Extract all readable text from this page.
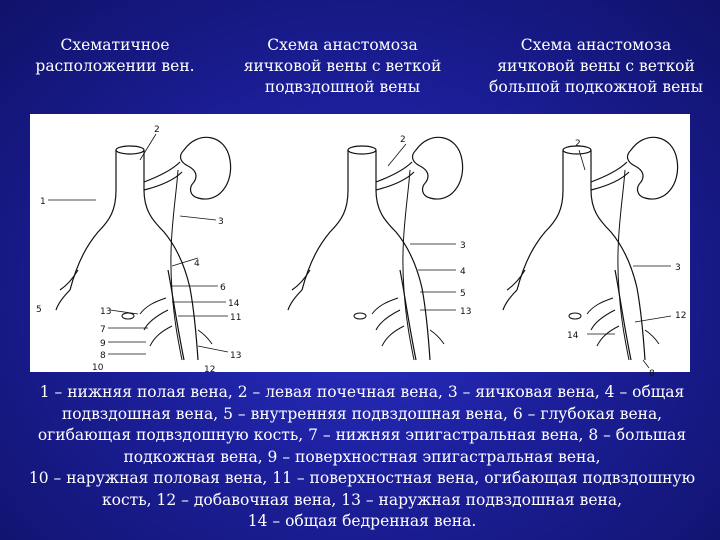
Схематичное
расположении вен.
Схема анастомоза
яичковой вены с веткой
подвздошной вены
Схема анастомоза
яичковой вены с веткой
большой подкожной вены
1
2
3
4
5
6
7
8
9
10
11
12
13
13
14
2
3
4
5
13
2
3
8
12
14
1 – нижняя полая вена, 2 – левая почечная вена, 3 – яичковая вена, 4 – общая
подвздошная вена, 5 – внутренняя подвздошная вена, 6 – глубокая вена,
огибающая подвздошную кость, 7 – нижняя эпигастральная вена, 8 – большая
подкожная вена, 9 – поверхностная эпигастральная вена,
10 – наружная половая вена, 11 – поверхностная вена, огибающая подвздошную
кость, 12 – добавочная вена, 13 – наружная подвздошная вена,
14 – общая бедренная вена.
